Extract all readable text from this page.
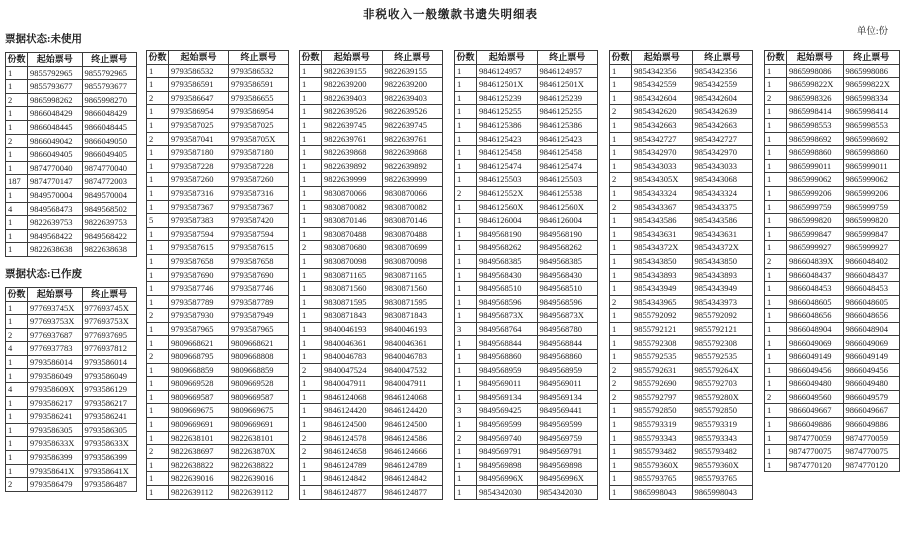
非税收入一般缴款书遗失明细表
单位:份
票据状态:未使用
份数	起始票号	终止票号
1	9855792965	9855792965
1	9855793677	9855793677
2	9865998262	9865998270
1	9866048429	9866048429
1	9866048445	9866048445
2	9866049042	9866049050
1	9866049405	9866049405
1	9874770040	9874770040
187	9874770147	9874772003
1	9849570004	9849570004
4	9849568473	9849568502
1	9822639753	9822639753
1	9849568422	9849568422
1	9822638638	9822638638
票据状态:已作废
份数	起始票号	终止票号
1	977693745X	977693745X
1	977693753X	977693753X
2	9776937687	9776937695
4	9776937783	9776937812
1	9793586014	9793586014
1	9793586049	9793586049
4	979358609X	9793586129
1	9793586217	9793586217
1	9793586241	9793586241
1	9793586305	9793586305
1	979358633X	979358633X
1	9793586399	9793586399
1	979358641X	979358641X
2	9793586479	9793586487
份数	起始票号	终止票号
1	9793586532	9793586532
1	9793586591	9793586591
2	9793586647	9793586655
1	9793586954	9793586954
1	9793587025	9793587025
2	9793587041	979358705X
1	9793587180	9793587180
1	9793587228	9793587228
1	9793587260	9793587260
1	9793587316	9793587316
1	9793587367	9793587367
5	9793587383	9793587420
1	9793587594	9793587594
1	9793587615	9793587615
1	9793587658	9793587658
1	9793587690	9793587690
1	9793587746	9793587746
1	9793587789	9793587789
2	9793587930	9793587949
1	9793587965	9793587965
1	9809668621	9809668621
2	9809668795	9809668808
1	9809668859	9809668859
1	9809669528	9809669528
1	9809669587	9809669587
1	9809669675	9809669675
1	9809669691	9809669691
1	9822638101	9822638101
2	9822638697	982263870X
1	9822638822	9822638822
1	9822639016	9822639016
1	9822639112	9822639112
份数	起始票号	终止票号
1	9822639155	9822639155
1	9822639200	9822639200
1	9822639403	9822639403
1	9822639526	9822639526
1	9822639745	9822639745
1	9822639761	9822639761
1	9822639868	9822639868
1	9822639892	9822639892
1	9822639999	9822639999
1	9830870066	9830870066
1	9830870082	9830870082
1	9830870146	9830870146
1	9830870488	9830870488
2	9830870680	9830870699
1	9830870098	9830870098
1	9830871165	9830871165
1	9830871560	9830871560
1	9830871595	9830871595
1	9830871843	9830871843
1	9840046193	9840046193
1	9840046361	9840046361
1	9840046783	9840046783
2	9840047524	9840047532
1	9840047911	9840047911
1	9846124068	9846124068
1	9846124420	9846124420
1	9846124500	9846124500
2	9846124578	9846124586
2	9846124658	9846124666
1	9846124789	9846124789
1	9846124842	9846124842
1	9846124877	9846124877
份数	起始票号	终止票号
1	9846124957	9846124957
1	984612501X	984612501X
1	9846125239	9846125239
1	9846125255	9846125255
1	9846125386	9846125386
1	9846125423	9846125423
1	9846125458	9846125458
1	9846125474	9846125474
1	9846125503	9846125503
2	984612552X	9846125538
1	984612560X	984612560X
1	9846126004	9846126004
1	9849568190	9849568190
1	9849568262	9849568262
1	9849568385	9849568385
1	9849568430	9849568430
1	9849568510	9849568510
1	9849568596	9849568596
1	984956873X	984956873X
3	9849568764	9849568780
1	9849568844	9849568844
1	9849568860	9849568860
1	9849568959	9849568959
1	9849569011	9849569011
1	9849569134	9849569134
3	9849569425	9849569441
1	9849569599	9849569599
2	9849569740	9849569759
1	9849569791	9849569791
1	9849569898	9849569898
1	984956996X	984956996X
1	9854342030	9854342030
份数	起始票号	终止票号
1	9854342356	9854342356
1	9854342559	9854342559
1	9854342604	9854342604
2	9854342620	9854342639
1	9854342663	9854342663
1	9854342727	9854342727
1	9854342970	9854342970
1	9854343033	9854343033
2	985434305X	9854343068
1	9854343324	9854343324
2	9854343367	9854343375
1	9854343586	9854343586
1	9854343631	9854343631
1	985434372X	985434372X
1	9854343850	9854343850
1	9854343893	9854343893
1	9854343949	9854343949
2	9854343965	9854343973
1	9855792092	9855792092
1	9855792121	9855792121
1	9855792308	9855792308
1	9855792535	9855792535
2	9855792631	985579264X
2	9855792690	9855792703
2	9855792797	985579280X
1	9855792850	9855792850
1	9855793319	9855793319
1	9855793343	9855793343
1	9855793482	9855793482
1	985579360X	985579360X
1	9855793765	9855793765
1	9865998043	9865998043
份数	起始票号	终止票号
1	9865998086	9865998086
1	986599822X	986599822X
2	9865998326	9865998334
1	9865998414	9865998414
1	9865998553	9865998553
1	9865998692	9865998692
1	9865998860	9865998860
1	9865999011	9865999011
1	9865999062	9865999062
1	9865999206	9865999206
1	9865999759	9865999759
1	9865999820	9865999820
1	9865999847	9865999847
1	9865999927	9865999927
2	986604839X	9866048402
1	9866048437	9866048437
1	9866048453	9866048453
1	9866048605	9866048605
1	9866048656	9866048656
1	9866048904	9866048904
1	9866049069	9866049069
1	9866049149	9866049149
1	9866049456	9866049456
1	9866049480	9866049480
2	9866049560	9866049579
1	9866049667	9866049667
1	9866049886	9866049886
1	9874770059	9874770059
1	9874770075	9874770075
1	9874770120	9874770120
